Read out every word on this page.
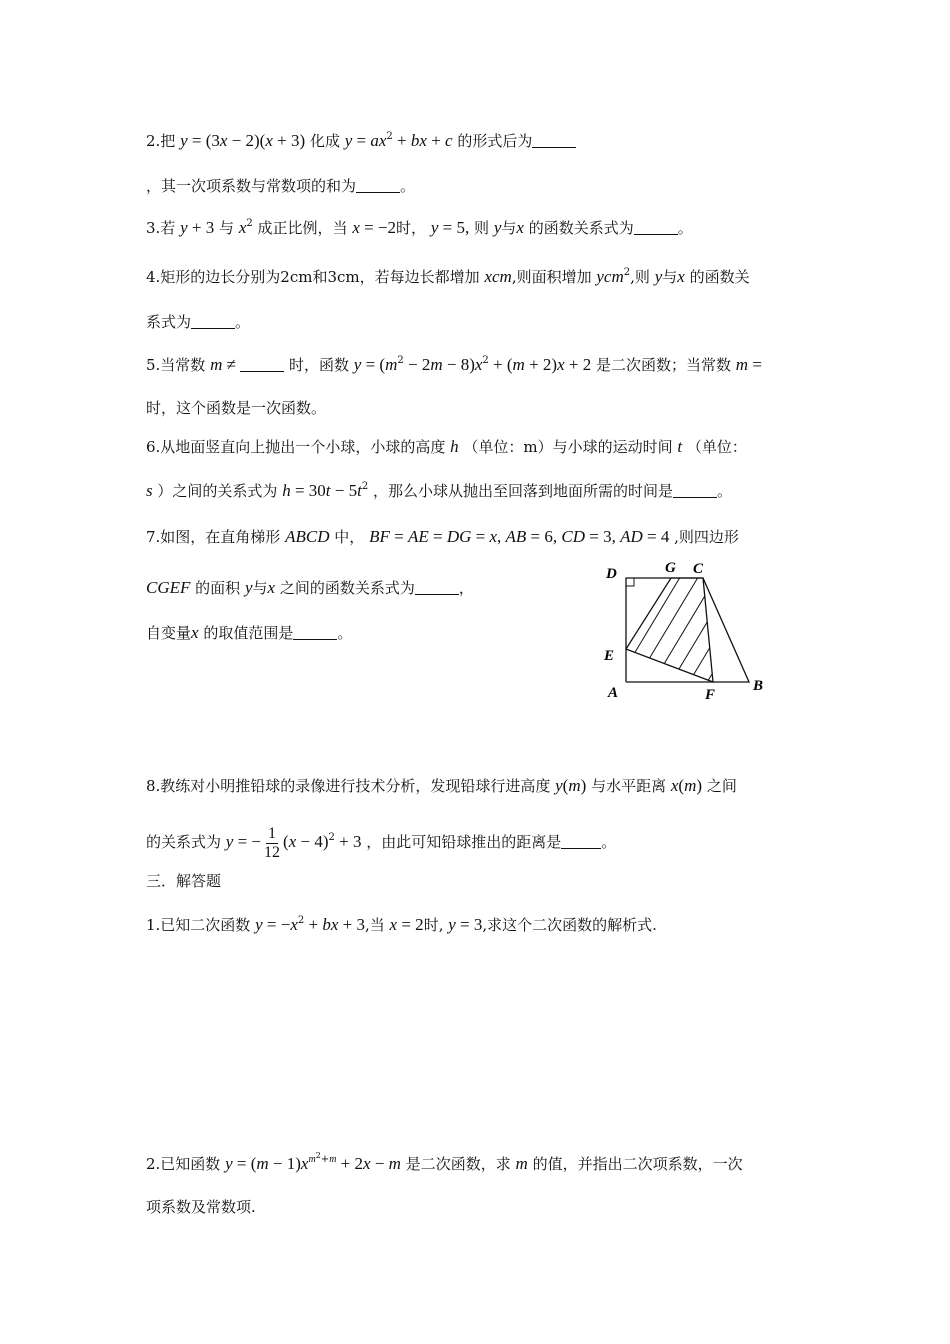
2.把 y = (3x − 2)(x + 3) 化成 $y = ax^2$ + bx + c 的形式后为
，其一次项系数与常数项的和为	。
3.若 y + 3 与 $x^2$ 成正比例，当 x = −2时， y = 5, 则 y与x 的函数关系式为	。
4.矩形的边长分别为2cm和3cm，若每边长都增加 xcm,则面积增加 ycm$^2$,则 y与x 的函数关
系式为	。
5.当常数 m ≠	时，函数 $y = (m^2 - 2m - 8)x^2 + (m + 2)x + 2$ 是二次函数；当常数 m =
时，这个函数是一次函数。
6.从地面竖直向上抛出一个小球，小球的高度 h （单位：m）与小球的运动时间 t （单位：
s ）之间的关系式为 $h = 30t - 5t^2$ ，那么小球从抛出至回落到地面所需的时间是	。
7.如图，在直角梯形 ABCD 中， BF = AE = DG = x, AB = 6, CD = 3, AD = 4 ,则四边形
CGEF 的面积 y与x 之间的函数关系式为	，
自变量x 的取值范围是	。
D	G C
E
A	F
B
8.教练对小明推铅球的录像进行技术分析，发现铅球行进高度 y(m) 与水平距离 x(m) 之间
的关系式为 y = − $\frac{1}{12} (x - 4)^2 + 3$ ，由此可知铅球推出的距离是	。
三．解答题
1.已知二次函数 $y = -x^2$ + bx + 3,当 x = 2时, y = 3,求这个二次函数的解析式.
2.已知函数 $y = (m - 1)x^{m^2+m} + 2x - m$ 是二次函数，求 m 的值，并指出二次项系数，一次
项系数及常数项.
